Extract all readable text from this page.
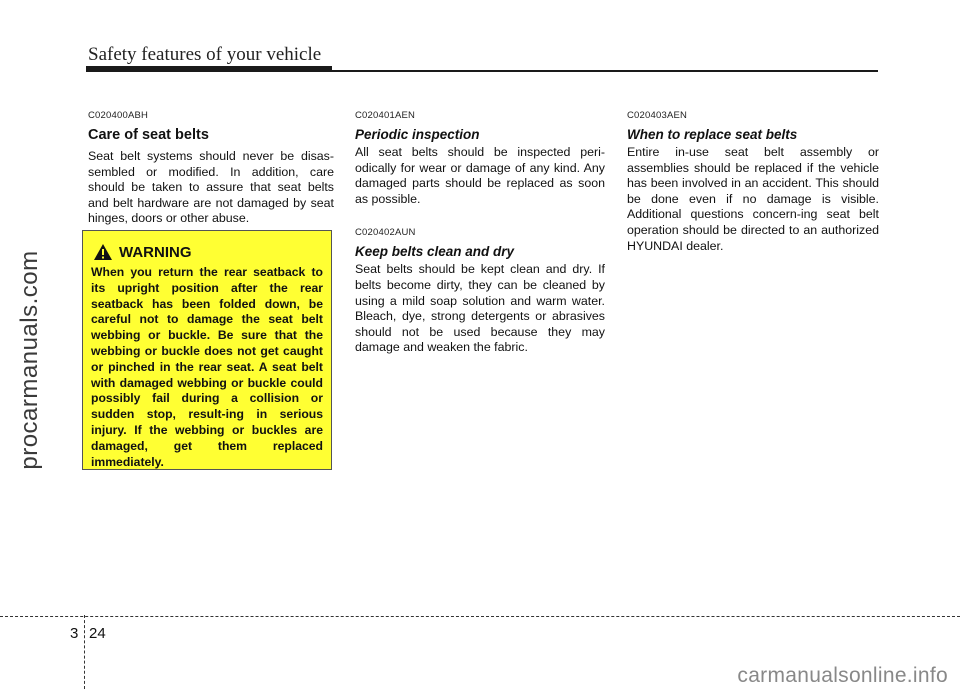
Safety features of your vehicle
procarmanuals.com

C020400ABH

Care of seat belts

Seat belt systems should never be disas-sembled or modified. In addition, care should be taken to assure that seat belts and belt hardware are not damaged by seat hinges, doors or other abuse.

WARNING

When you return the rear seatback to its upright position after the rear seatback has been folded down, be careful not to damage the seat belt webbing or buckle. Be sure that the webbing or buckle does not get caught or pinched in the rear seat. A seat belt with damaged webbing or buckle could possibly fail during a collision or sudden stop, result-ing in serious injury. If the webbing or buckles are damaged, get them replaced immediately.

C020401AEN

Periodic inspection

All seat belts should be inspected peri-odically for wear or damage of any kind. Any damaged parts should be replaced as soon as possible.

C020402AUN

Keep belts clean and dry

Seat belts should be kept clean and dry. If belts become dirty, they can be cleaned by using a mild soap solution and warm water. Bleach, dye, strong detergents or abrasives should not be used because they may damage and weaken the fabric.

C020403AEN

When to replace seat belts

Entire in-use seat belt assembly or assemblies should be replaced if the vehicle has been involved in an accident. This should be done even if no damage is visible. Additional questions concern-ing seat belt operation should be directed to an authorized HYUNDAI dealer.

3 24
carmanualsonline.info
